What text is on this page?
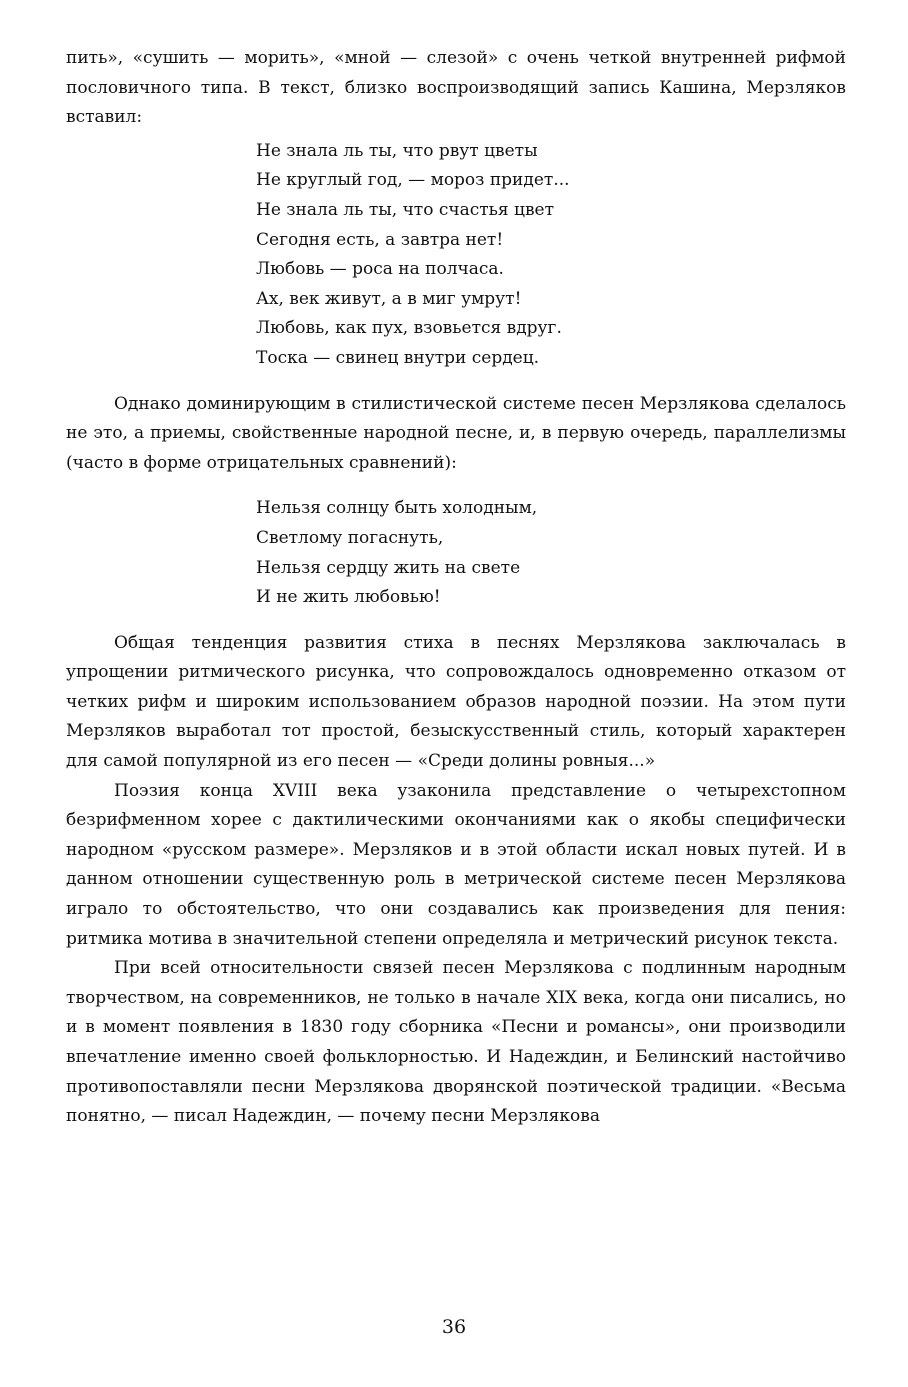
пить», «сушить — морить», «мной — слезой» с очень четкой внутренней рифмой пословичного типа. В текст, близко воспроизводящий запись Кашина, Мерзляков вставил:

Не знала ль ты, что рвут цветы
Не круглый год, — мороз придет...
Не знала ль ты, что счастья цвет
Сегодня есть, а завтра нет!
Любовь — роса на полчаса.
Ах, век живут, а в миг умрут!
Любовь, как пух, взовьется вдруг.
Тоска — свинец внутри сердец.

Однако доминирующим в стилистической системе песен Мерзлякова сделалось не это, а приемы, свойственные народной песне, и, в первую очередь, параллелизмы (часто в форме отрицательных сравнений):

Нельзя солнцу быть холодным,
Светлому погаснуть,
Нельзя сердцу жить на свете
И не жить любовью!

Общая тенденция развития стиха в песнях Мерзлякова заключалась в упрощении ритмического рисунка, что сопровождалось одновременно отказом от четких рифм и широким использованием образов народной поэзии. На этом пути Мерзляков выработал тот простой, безыскусственный стиль, который характерен для самой популярной из его песен — «Среди долины ровныя...»

Поэзия конца XVIII века узаконила представление о четырехстопном безрифменном хорее с дактилическими окончаниями как о якобы специфически народном «русском размере». Мерзляков и в этой области искал новых путей. И в данном отношении существенную роль в метрической системе песен Мерзлякова играло то обстоятельство, что они создавались как произведения для пения: ритмика мотива в значительной степени определяла и метрический рисунок текста.

При всей относительности связей песен Мерзлякова с подлинным народным творчеством, на современников, не только в начале XIX века, когда они писались, но и в момент появления в 1830 году сборника «Песни и романсы», они производили впечатление именно своей фольклорностью. И Надеждин, и Белинский настойчиво противопоставляли песни Мерзлякова дворянской поэтической традиции. «Весьма понятно, — писал Надеждин, — почему песни Мерзлякова

36
